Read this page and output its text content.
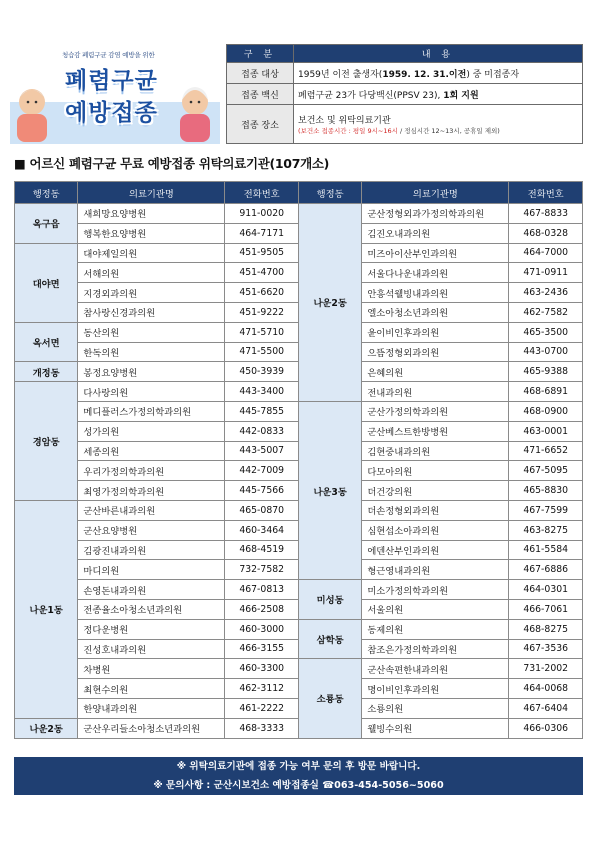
청습감 폐렴구균 감염 예방을 위한
폐렴구균
예방접종
구 분	내 용
접종 대상	1959년 이전 출생자(1959. 12. 31.이전) 중 미접종자
접종 백신	폐렴구균 23가 다당백신(PPSV 23), 1회 지원
접종 장소	보건소 및 위탁의료기관
(보건소 접종시간 : 평일 9시~16시 / 정심시간 12~13시, 공휴일 제외)
■ 어르신 폐렴구균 무료 예방접종 위탁의료기관(107개소)
행정동	의료기관명	전화번호	행정동	의료기관명	전화번호
옥구읍	새희망요양병원	911-0020	나운2동	군산정형외과가정의학과의원	467-8833
	행복한요양병원	464-7171		김진오내과의원	468-0328
대야면	대야제일의원	451-9505		미즈아이산부인과의원	464-7000
	서해의원	451-4700		서울다나운내과의원	471-0911
	지경외과의원	451-6620		안흥석웰빙내과의원	463-2436
	참사랑신경과의원	451-9222		엘소아청소년과의원	462-7582
옥서면	동산의원	471-5710		윤이비인후과의원	465-3500
	한독의원	471-5500		으뜸정형외과의원	443-0700
개정동	봉정요양병원	450-3939		은혜의원	465-9388
경암동	다사랑의원	443-3400		전내과의원	468-6891
	메디플러스가정의학과의원	445-7855	나운3동	군산가정의학과의원	468-0900
	성가의원	442-0833		군산베스트한방병원	463-0001
	세종의원	443-5007		김현중내과의원	471-6652
	우리가정의학과의원	442-7009		다모아의원	467-5095
	최영가정의학과의원	445-7566		더건강의원	465-8830
나운1동	군산바른내과의원	465-0870		더손정형외과의원	467-7599
	군산요양병원	460-3464		심현섭소아과의원	463-8275
	김광진내과의원	468-4519		에덴산부인과의원	461-5584
	마디의원	732-7582		형근영내과의원	467-6886
	손영돈내과의원	467-0813	미성동	미소가정의학과의원	464-0301
	전종율소아청소년과의원	466-2508		서울의원	466-7061
	정다운병원	460-3000	삼학동	동제의원	468-8275
	진성호내과의원	466-3155		참조은가정의학과의원	467-3536
	차병원	460-3300	소룡동	군산속편한내과의원	731-2002
	최현수의원	462-3112		명이비인후과의원	464-0068
	한양내과의원	461-2222		소룡의원	467-6404
나운2동	군산우리들소아청소년과의원	468-3333		웰빙수의원	466-0306
※ 위탁의료기관에 접종 가능 여부 문의 후 방문 바랍니다.
※ 문의사항 : 군산시보건소 예방접종실 ☎063-454-5056~5060
